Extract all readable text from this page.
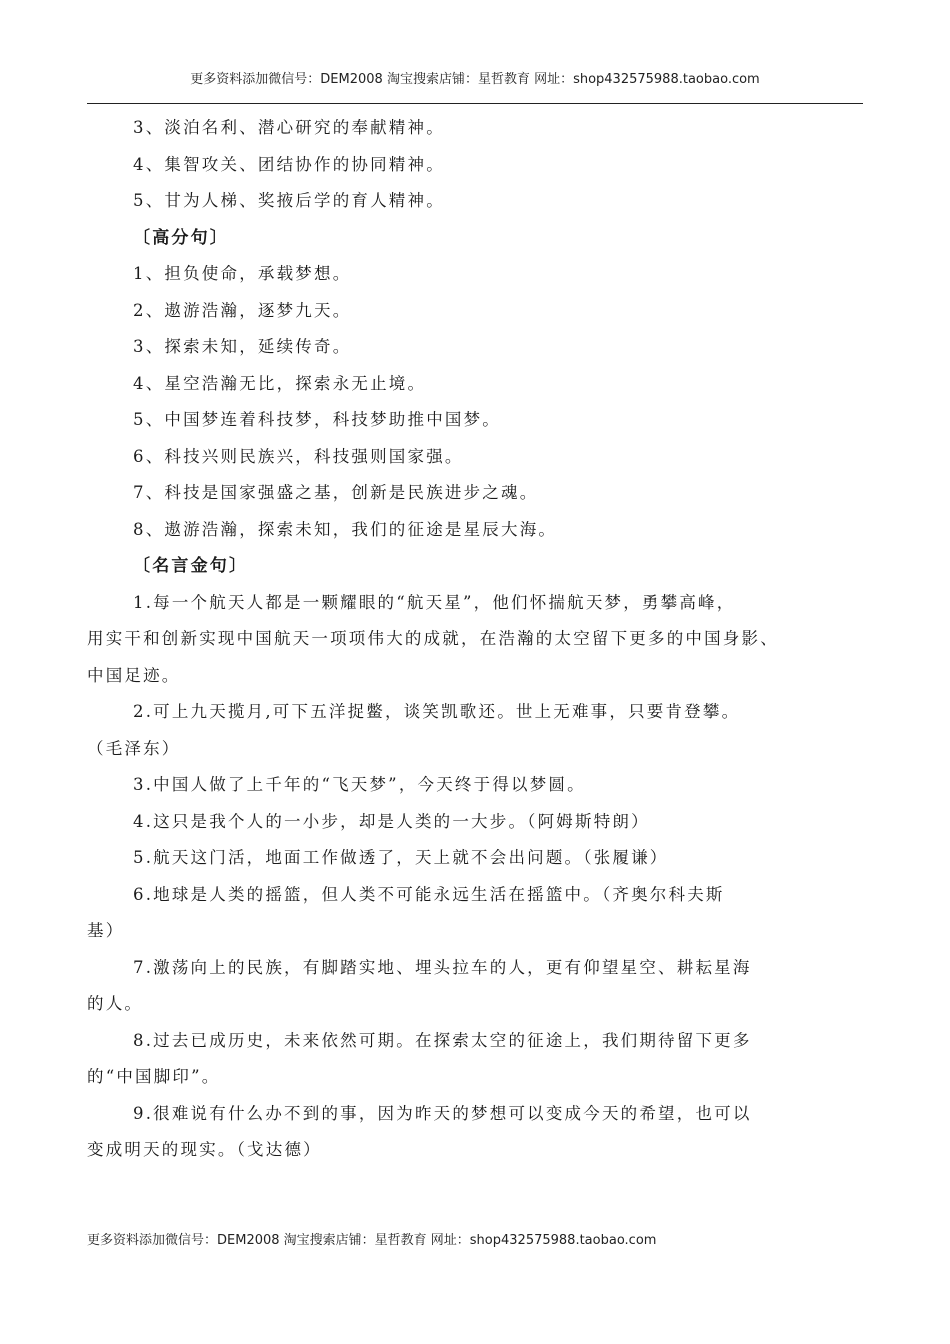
更多资料添加微信号：DEM2008 淘宝搜索店铺：星哲教育 网址：shop432575988.taobao.com
3、淡泊名利、潜心研究的奉献精神。
4、集智攻关、团结协作的协同精神。
5、甘为人梯、奖掖后学的育人精神。
〔高分句〕
1、担负使命，承载梦想。
2、遨游浩瀚，逐梦九天。
3、探索未知，延续传奇。
4、星空浩瀚无比，探索永无止境。
5、中国梦连着科技梦，科技梦助推中国梦。
6、科技兴则民族兴，科技强则国家强。
7、科技是国家强盛之基，创新是民族进步之魂。
8、遨游浩瀚，探索未知，我们的征途是星辰大海。
〔名言金句〕
1.每一个航天人都是一颗耀眼的“航天星”，他们怀揣航天梦，勇攀高峰，
用实干和创新实现中国航天一项项伟大的成就，在浩瀚的太空留下更多的中国身影、
中国足迹。
2.可上九天揽月,可下五洋捉鳖，谈笑凯歌还。世上无难事，只要肯登攀。
（毛泽东）
3.中国人做了上千年的“飞天梦”，今天终于得以梦圆。
4.这只是我个人的一小步，却是人类的一大步。（阿姆斯特朗）
5.航天这门活，地面工作做透了，天上就不会出问题。（张履谦）
6.地球是人类的摇篮，但人类不可能永远生活在摇篮中。（齐奥尔科夫斯
基）
7.激荡向上的民族，有脚踏实地、埋头拉车的人，更有仰望星空、耕耘星海
的人。
8.过去已成历史，未来依然可期。在探索太空的征途上，我们期待留下更多
的“中国脚印”。
9.很难说有什么办不到的事，因为昨天的梦想可以变成今天的希望，也可以
变成明天的现实。（戈达德）
更多资料添加微信号：DEM2008 淘宝搜索店铺：星哲教育 网址：shop432575988.taobao.com
